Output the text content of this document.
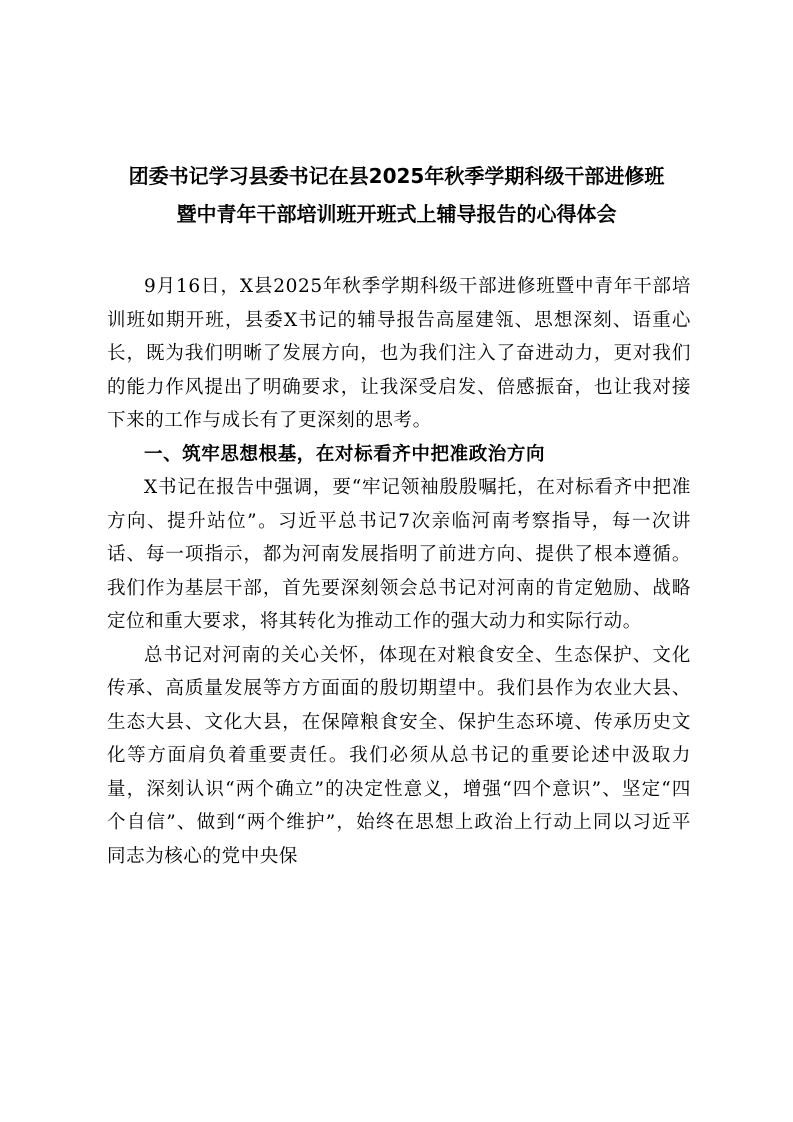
团委书记学习县委书记在县2025年秋季学期科级干部进修班
暨中青年干部培训班开班式上辅导报告的心得体会

9月16日，X县2025年秋季学期科级干部进修班暨中青年干部培训班如期开班，县委X书记的辅导报告高屋建瓴、思想深刻、语重心长，既为我们明晰了发展方向，也为我们注入了奋进动力，更对我们的能力作风提出了明确要求，让我深受启发、倍感振奋，也让我对接下来的工作与成长有了更深刻的思考。

一、筑牢思想根基，在对标看齐中把准政治方向

X书记在报告中强调，要“牢记领袖殷殷嘱托，在对标看齐中把准方向、提升站位”。习近平总书记7次亲临河南考察指导，每一次讲话、每一项指示，都为河南发展指明了前进方向、提供了根本遵循。我们作为基层干部，首先要深刻领会总书记对河南的肯定勉励、战略定位和重大要求，将其转化为推动工作的强大动力和实际行动。

总书记对河南的关心关怀，体现在对粮食安全、生态保护、文化传承、高质量发展等方方面面的殷切期望中。我们县作为农业大县、生态大县、文化大县，在保障粮食安全、保护生态环境、传承历史文化等方面肩负着重要责任。我们必须从总书记的重要论述中汲取力量，深刻认识“两个确立”的决定性意义，增强“四个意识”、坚定“四个自信”、做到“两个维护”，始终在思想上政治上行动上同以习近平同志为核心的党中央保
